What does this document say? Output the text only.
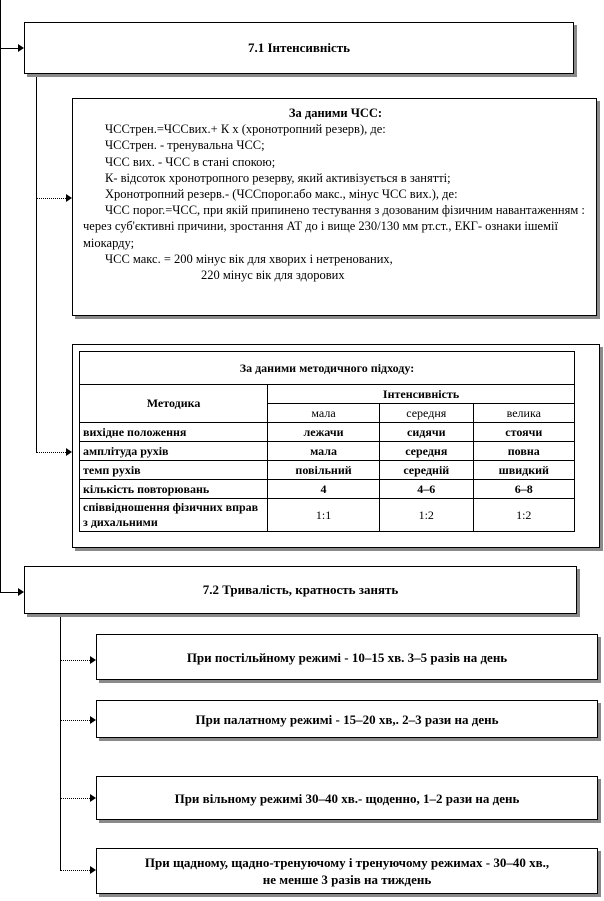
7.1 Інтенсивність
За даними ЧСС:
ЧССтрен.=ЧССвих.+ К х (хронотропний резерв), де:
ЧССтрен. - тренувальна ЧСС;
ЧСС вих. - ЧСС в стані спокою;
К- відсоток хронотропного резерву, який активізується в занятті;
Хронотропний резерв.- (ЧССпорог.або макс., мінус ЧСС вих.), де:
ЧСС порог.=ЧСС, при якій припинено тестування з дозованим фізичним навантаженням : через суб'єктивні причини, зростання АТ до і вище 230/130 мм рт.ст., ЕКГ- ознаки ішемії міокарду;
ЧСС макс. = 200 мінус вік для хворих і нетренованих,
220 мінус вік для здорових
За даними методичного підходу:			
Методика	Інтенсивність		
	мала	середня	велика
вихідне положення	лежачи	сидячи	стоячи
амплітуда рухів	мала	середня	повна
темп рухів	повільний	середній	швидкий
кількість повторювань	4	4–6	6–8
співвідношення фізичних вправ з дихальними	1:1	1:2	1:2
7.2 Тривалість, кратность занять
При постільйному режимі - 10–15 хв. 3–5 разів на день
При палатному режимі - 15–20 хв,. 2–3 рази на день
При вільному режимі 30–40 хв.- щоденно, 1–2 рази на день
При щадному, щадно-тренуючому і тренуючому режимах - 30–40 хв., не менше 3 разів на тиждень
